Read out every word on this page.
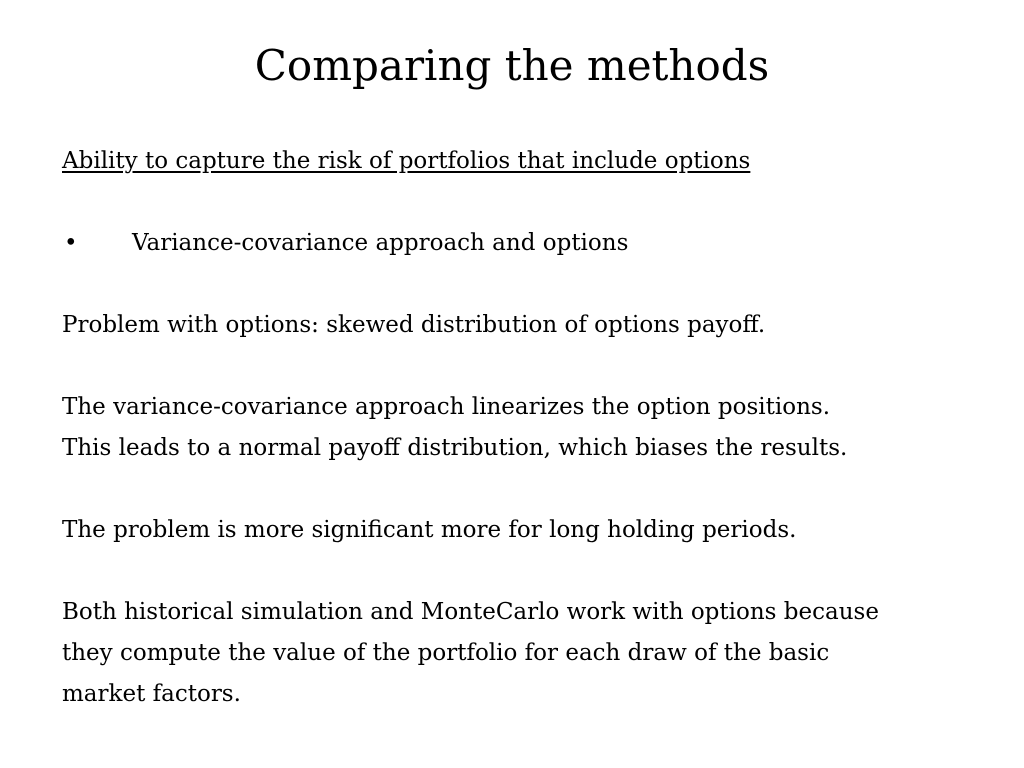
Comparing the methods
Ability to capture the risk of portfolios that include options
•	Variance-covariance approach and options
Problem with options: skewed distribution of options payoff.
The variance-covariance approach linearizes the option positions.
This leads to a normal payoff distribution, which biases the results.
The problem is more significant more for long holding periods.
Both historical simulation and MonteCarlo work with options because
they compute the value of the portfolio for each draw of the basic
market factors.
